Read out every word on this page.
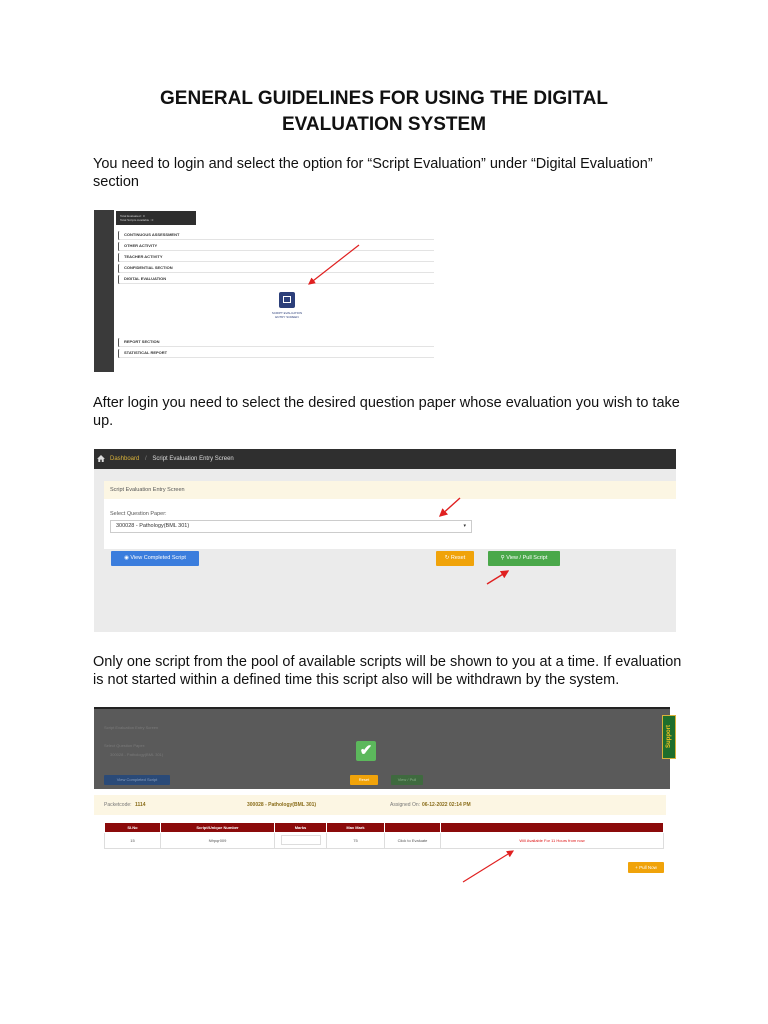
GENERAL GUIDELINES FOR USING THE DIGITAL
EVALUATION SYSTEM
You need to login and select the option for “Script Evaluation” under “Digital Evaluation”
section
Total Evaluated : 0
Total Scripts Available : 0
CONTINUOUS ASSESSMENT
OTHER ACTIVITY
TEACHER ACTIVITY
CONFIDENTIAL SECTION
DIGITAL EVALUATION
SCRIPT EVALUATION
ENTRY SCREEN
REPORT SECTION
STATISTICAL REPORT
After login you need to select the desired question paper whose evaluation you wish to take
up.
Dashboard / Script Evaluation Entry Screen
Script Evaluation Entry Screen
Select Question Paper:
300028 - Pathology(BML 301)	▾
◉ View Completed Script	↻ Reset	⚲ View / Pull Script
Only one script from the pool of available scripts will be shown to you at a time. If evaluation
is not started within a defined time this script also will be withdrawn by the system.
Script Evaluation Entry Screen
Select Question Paper:
300028 - Pathology(BML 301)
View Completed Script	Reset	View / Pull
✔
Support
Packetcode: 1114	300028 - Pathology(BML 301)	Assigned On: 06-12-2022 02:14 PM
Sl.No	Script/Unique Number	Marks	Max Mark		
15	Nfrpqr009		75	Click to Evaluate	Will Available For 11 Hours from now
+ Pull Now
